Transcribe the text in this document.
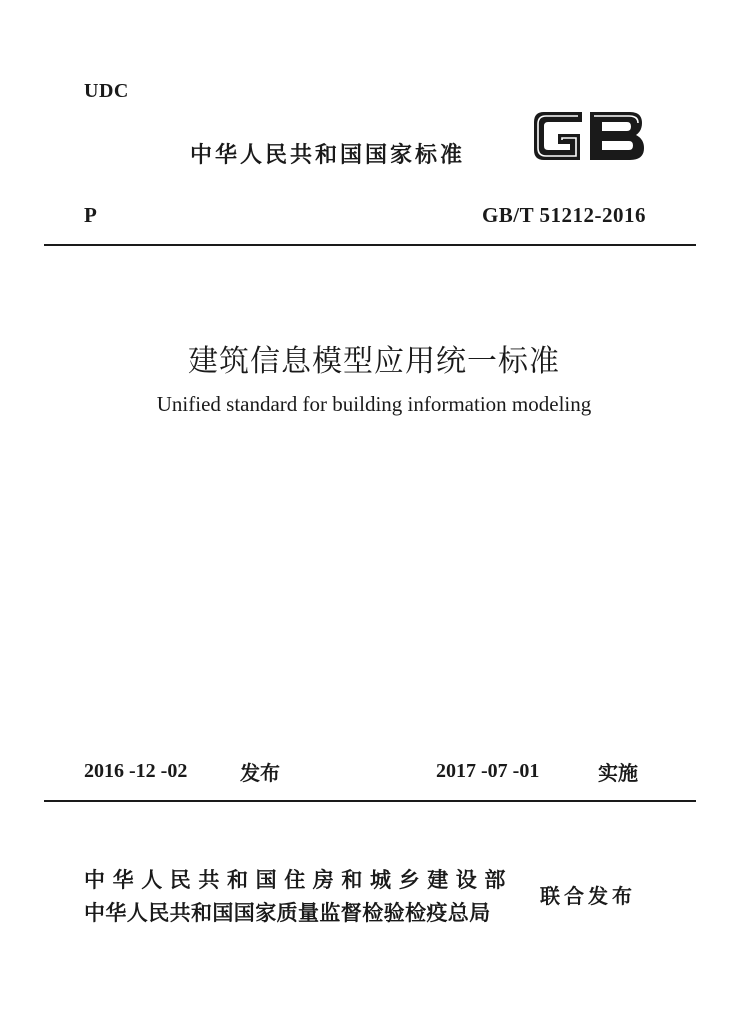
UDC
中华人民共和国国家标准
P	GB/T 51212-2016
建筑信息模型应用统一标准
Unified standard for building information modeling
2016 -12 -02	发布	2017 -07 -01	实施
中华人民共和国住房和城乡建设部
中华人民共和国国家质量监督检验检疫总局
联合发布
